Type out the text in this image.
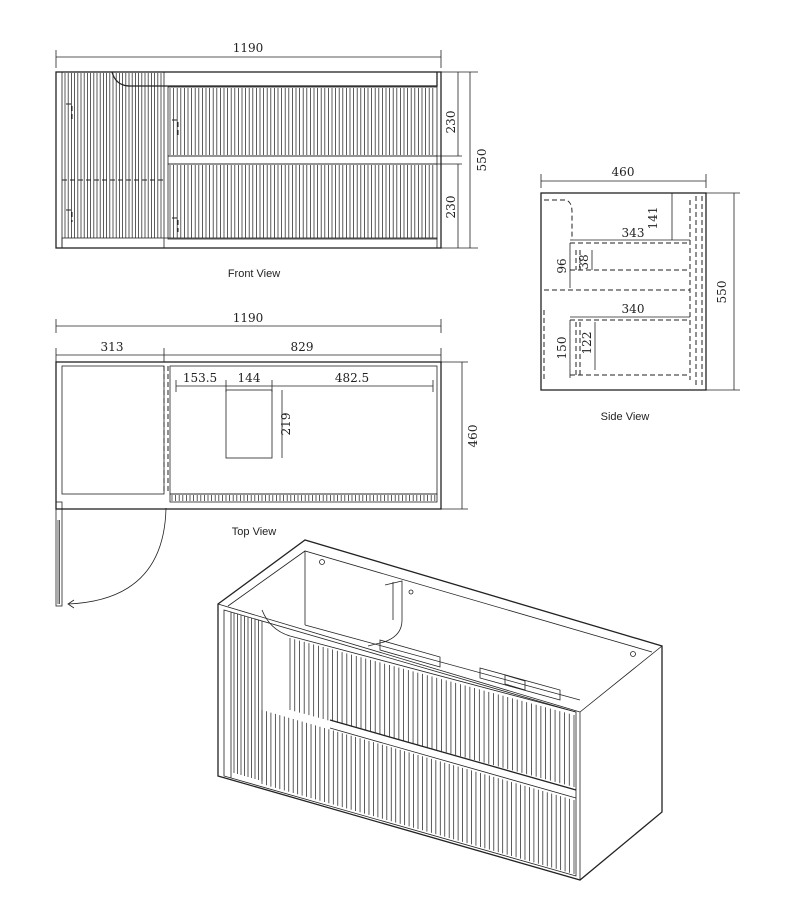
1190
230
230
550
Front View
1190
313	829
153.5 144	482.5
219
460
Top View
460
343
141
96 38
340
150 122
550
Side View
